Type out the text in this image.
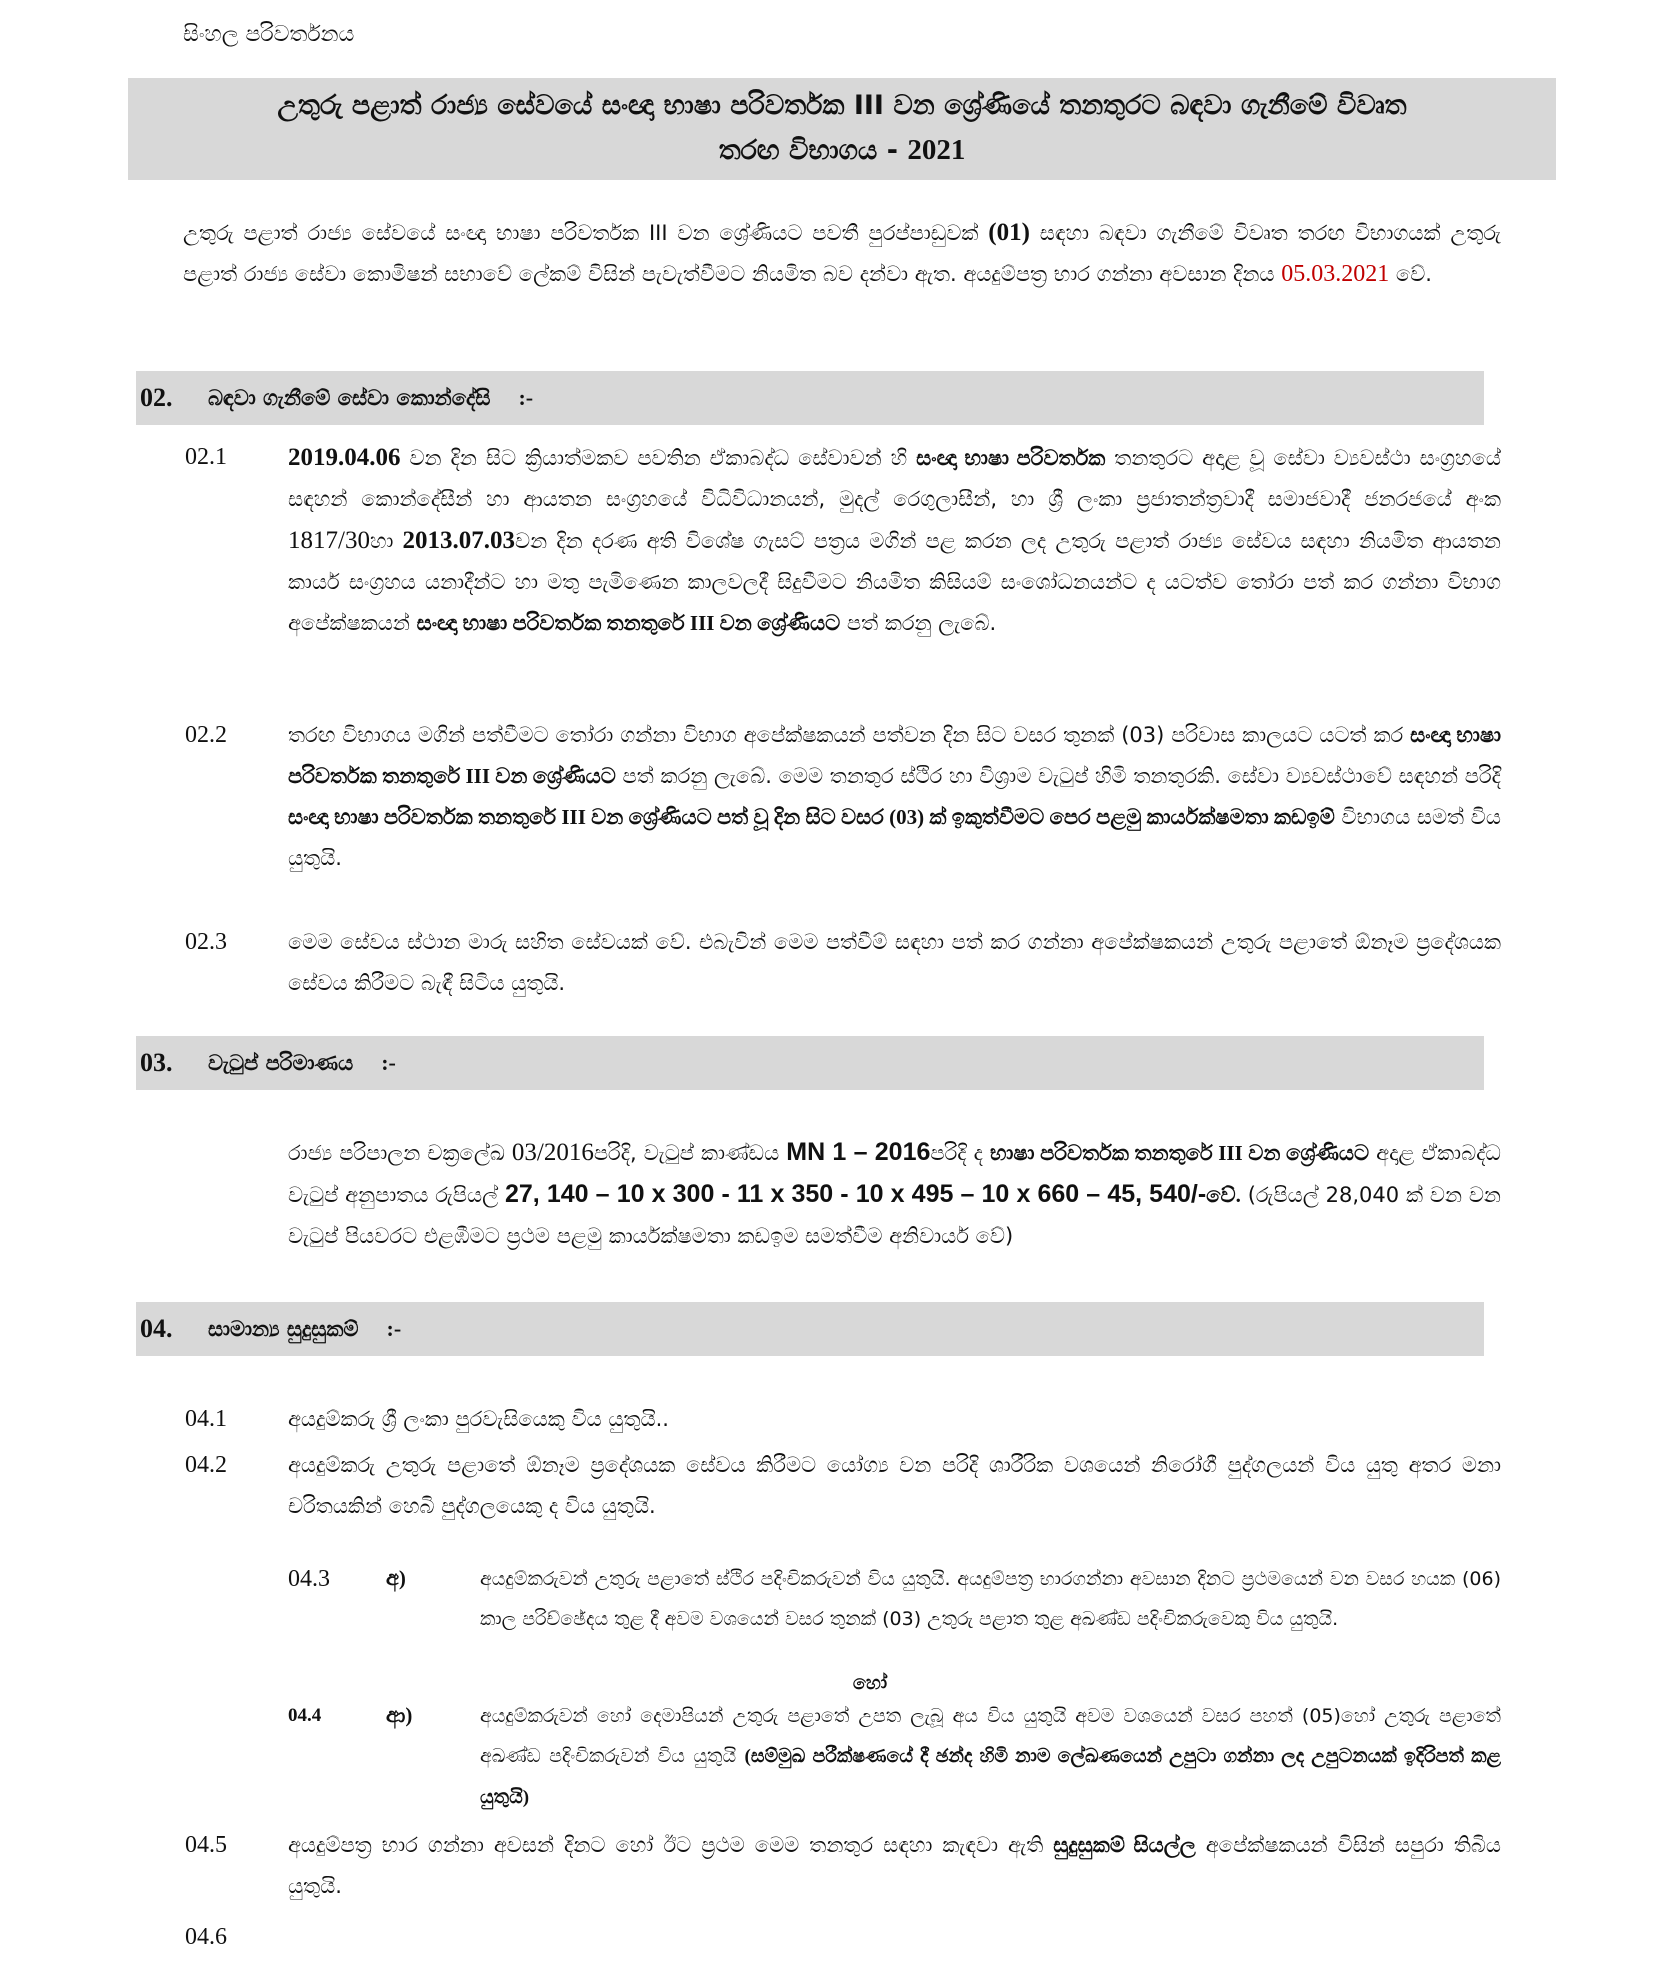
සිංහල පරිවර්තනය
උතුරු පළාත් රාජ්‍ය සේවයේ සංඥා භාෂා පරිවර්තක III වන ශ්‍රේණියේ තනතුරට බඳවා ගැනීමේ විවෘත
තරඟ විභාගය - 2021
උතුරු පළාත් රාජ්‍ය සේවයේ සංඥා භාෂා පරිවර්තක III වන ශ්‍රේණියට පවතී පුරප්පාඩුවක් (01) සඳහා බඳවා ගැනීමේ විවෘත තරඟ විභාගයක් උතුරු පළාත් රාජ්‍ය සේවා කොමිෂන් සභාවේ ලේකම් විසින් පැවැත්වීමට නියමිත බව දන්වා ඇත. අයදුම්පත්‍ර භාර ගන්නා අවසාන දිනය 05.03.2021 වේ.
02.	බඳවා ගැනීමේ සේවා කොන්දේසි :-
02.1 2019.04.06 වන දින සිට ක්‍රියාත්මකව පවතින ඒකාබද්ධ සේවාවන් හි සංඥා භාෂා පරිවර්තක තනතුරට අදාළ වූ සේවා ව්‍යවස්ථා සංග්‍රහයේ සඳහන් කොන්දේසීන් හා ආයතන සංග්‍රහයේ විධිවිධානයන්, මුදල් රෙගුලාසීන්, හා ශ්‍රී ලංකා ප්‍රජාතන්ත්‍රවාදී සමාජවාදී ජනරජයේ අංක 1817/30හා 2013.07.03වන දින දරණ අති විශේෂ ගැසට් පත්‍රය මගින් පළ කරන ලද උතුරු පළාත් රාජ්‍ය සේවය සඳහා නියමිත ආයතන කාර්ය සංග්‍රහය යනාදීන්ට හා මතු පැමිණෙන කාලවලදී සිදුවීමට නියමිත කිසියම් සංශෝධනයන්ට ද යටත්ව තෝරා පත් කර ගන්නා විභාග අපේක්ෂකයන් සංඥා භාෂා පරිවර්තක තනතුරේ III වන ශ්‍රේණියට පත් කරනු ලැබේ.
02.2	තරඟ විභාගය මගින් පත්වීමට තෝරා ගන්නා විභාග අපේක්ෂකයන් පත්වන දින සිට වසර තුනක් (03) පරිවාස කාලයට යටත් කර සංඥා භාෂා පරිවර්තක තනතුරේ III වන ශ්‍රේණියට පත් කරනු ලැබේ. මෙම තනතුර ස්ථිර හා විශ්‍රාම වැටුප් හිමි තනතුරකි. සේවා ව්‍යවස්ථාවේ සඳහන් පරිදි සංඥා භාෂා පරිවර්තක තනතුරේ III වන ශ්‍රේණියට පත් වූ දින සිට වසර (03) ක් ඉකුත්වීමට පෙර පළමු කාර්යක්ෂමතා කඩඉම් විභාගය සමත් විය යුතුයි.
02.3	මෙම සේවය ස්ථාන මාරු සහිත සේවයක් වේ. එබැවින් මෙම පත්වීම් සඳහා පත් කර ගන්නා අපේක්ෂකයන් උතුරු පළාතේ ඕනෑම ප්‍රදේශයක සේවය කිරීමට බැඳී සිටිය යුතුයි.
03.	වැටුප් පරිමාණය :-
රාජ්‍ය පරිපාලන චක්‍රලේඛ 03/2016පරිදි, වැටුප් කාණ්ඩය MN 1 – 2016පරිදි ද භාෂා පරිවර්තක තනතුරේ III වන ශ්‍රේණියට අදාළ ඒකාබද්ධ වැටුප් අනුපාතය රුපියල් 27, 140 – 10 x 300 - 11 x 350 - 10 x 495 – 10 x 660 – 45, 540/-වේ. (රුපියල් 28,040 ක් වන වන වැටුප් පියවරට එළඹීමට ප්‍රථම පළමු කාර්යක්ෂමතා කඩඉම සමත්වීම අනිවාර්ය වේ)
04.	සාමාන්‍ය සුදුසුකම් :-
04.1	අයදුම්කරු ශ්‍රී ලංකා පුරවැසියෙකු විය යුතුයි..
04.2	අයදුම්කරු උතුරු පළාතේ ඕනෑම ප්‍රදේශයක සේවය කිරීමට යෝග්‍ය වන පරිදි ශාරීරික වශයෙන් නිරෝගී පුද්ගලයන් විය යුතු අතර මනා චරිතයකින් හෙබි පුද්ගලයෙකු ද විය යුතුයි.
04.3	අ)	අයදුම්කරුවන් උතුරු පළාතේ ස්ථිර පදිංචිකරුවන් විය යුතුයි. අයදුම්පත්‍ර භාරගන්නා අවසාන දිනට ප්‍රථමයෙන් වන වසර හයක (06) කාල පරිච්ඡේදය තුළ දී අවම වශයෙන් වසර තුනක් (03) උතුරු පළාත තුළ අඛණ්ඩ පදිංචිකරුවෙකු විය යුතුයි.
හෝ
04.4	ආ)	අයදුම්කරුවන් හෝ දෙමාපියන් උතුරු පළාතේ උපත ලැබූ අය විය යුතුයි අවම වශයෙන් වසර පහත් (05)හෝ උතුරු පළාතේ අඛණ්ඩ පදිංචිකරුවන් විය යුතුයි (සම්මුඛ පරීක්ෂණයේ දී ඡන්ද හිමි නාම ලේඛණයෙන් උපුටා ගන්නා ලද උපුටනයක් ඉදිරිපත් කළ යුතුයි)
04.5	අයදුම්පත්‍ර භාර ගන්නා අවසන් දිනට හෝ ඊට ප්‍රථම මෙම තනතුර සඳහා කැඳවා ඇති සුදුසුකම් සියල්ල අපේක්ෂකයන් විසින් සපුරා තිබිය යුතුයි.
04.6
